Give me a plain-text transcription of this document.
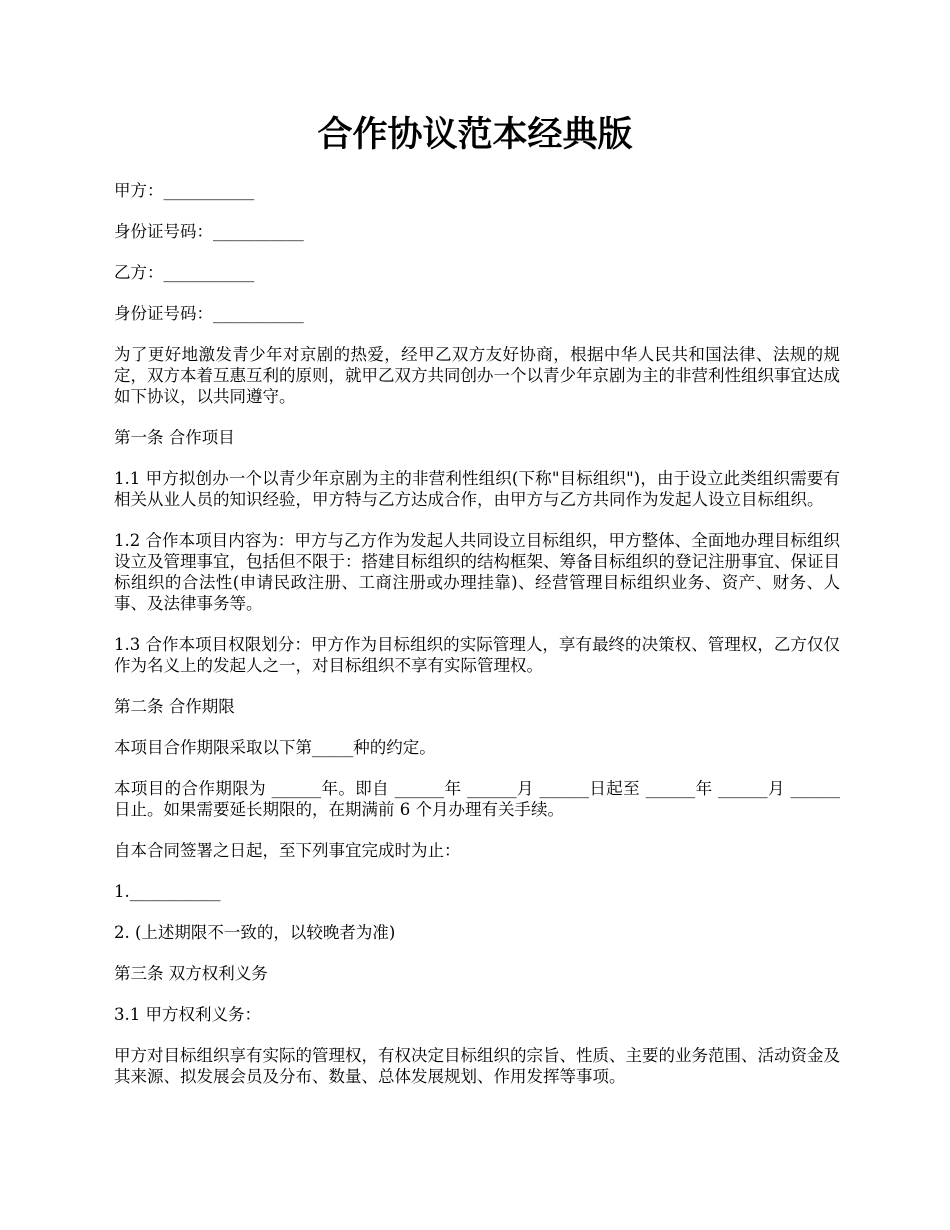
合作协议范本经典版

甲方：___________

身份证号码：___________

乙方：___________

身份证号码：___________

为了更好地激发青少年对京剧的热爱，经甲乙双方友好协商，根据中华人民共和国法律、法规的规定，双方本着互惠互利的原则，就甲乙双方共同创办一个以青少年京剧为主的非营利性组织事宜达成如下协议，以共同遵守。

第一条 合作项目

1.1 甲方拟创办一个以青少年京剧为主的非营利性组织(下称"目标组织")，由于设立此类组织需要有相关从业人员的知识经验，甲方特与乙方达成合作，由甲方与乙方共同作为发起人设立目标组织。

1.2 合作本项目内容为：甲方与乙方作为发起人共同设立目标组织，甲方整体、全面地办理目标组织设立及管理事宜，包括但不限于：搭建目标组织的结构框架、筹备目标组织的登记注册事宜、保证目标组织的合法性(申请民政注册、工商注册或办理挂靠)、经营管理目标组织业务、资产、财务、人事、及法律事务等。

1.3 合作本项目权限划分：甲方作为目标组织的实际管理人，享有最终的决策权、管理权，乙方仅仅作为名义上的发起人之一，对目标组织不享有实际管理权。

第二条 合作期限

本项目合作期限采取以下第_____种的约定。

本项目的合作期限为 ______年。即自 ______年 ______月 ______日起至 ______年 ______月 ______日止。如果需要延长期限的，在期满前 6 个月办理有关手续。

自本合同签署之日起，至下列事宜完成时为止：

1.___________

2. (上述期限不一致的，以较晚者为准)

第三条 双方权利义务

3.1 甲方权利义务：

甲方对目标组织享有实际的管理权，有权决定目标组织的宗旨、性质、主要的业务范围、活动资金及其来源、拟发展会员及分布、数量、总体发展规划、作用发挥等事项。
